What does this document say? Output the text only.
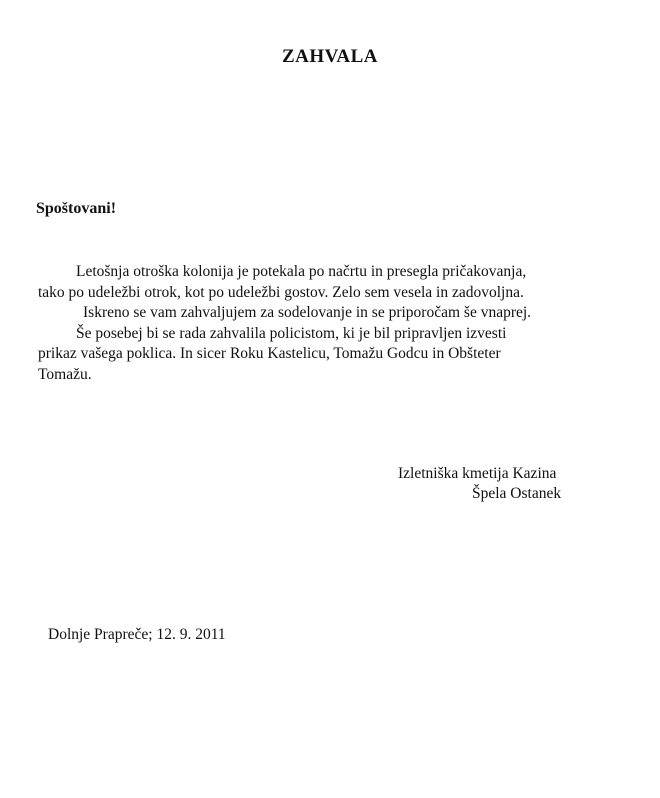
ZAHVALA
Spoštovani!
Letošnja otroška kolonija je potekala po načrtu in presegla pričakovanja,
tako po udeležbi otrok, kot po udeležbi gostov. Zelo sem vesela in zadovoljna.
Iskreno se vam zahvaljujem za sodelovanje in se priporočam še vnaprej.
Še posebej bi se rada zahvalila policistom, ki je bil pripravljen izvesti
prikaz vašega poklica. In sicer Roku Kastelicu, Tomažu Godcu in Obšteter
Tomažu.
Izletniška kmetija Kazina
Špela Ostanek
Dolnje Prapreče; 12. 9. 2011
